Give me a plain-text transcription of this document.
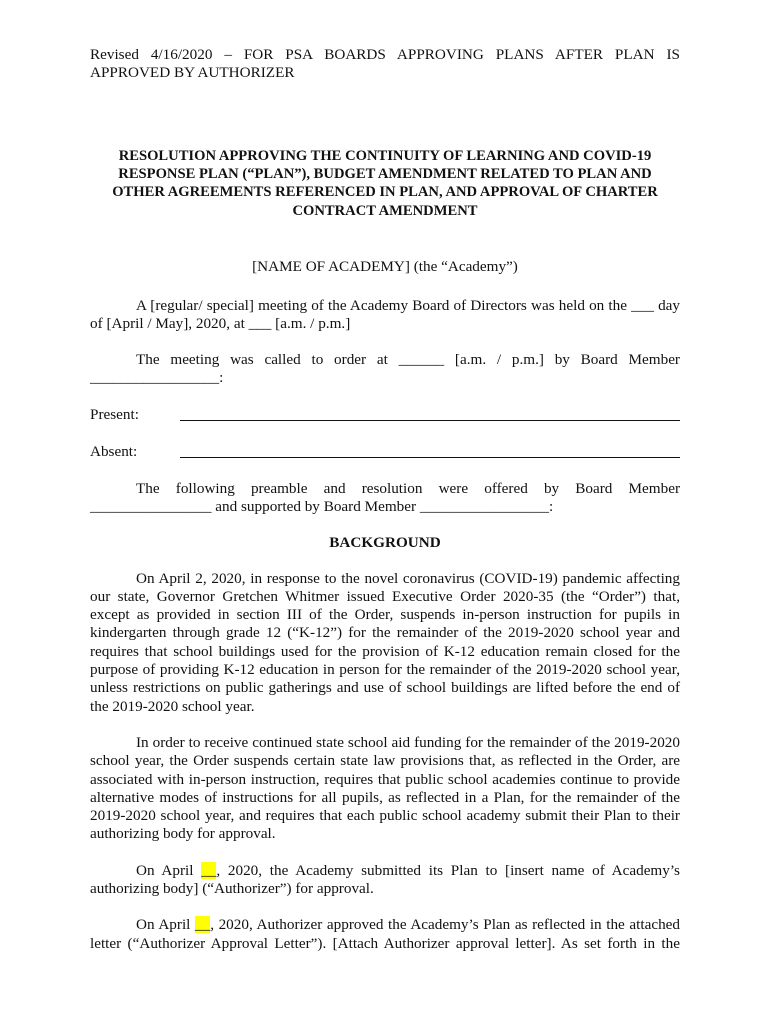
Revised 4/16/2020 – FOR PSA BOARDS APPROVING PLANS AFTER PLAN IS
APPROVED BY AUTHORIZER
RESOLUTION APPROVING THE CONTINUITY OF LEARNING AND COVID-19
RESPONSE PLAN (“PLAN”), BUDGET AMENDMENT RELATED TO PLAN AND
OTHER AGREEMENTS REFERENCED IN PLAN, AND APPROVAL OF CHARTER
CONTRACT AMENDMENT

[NAME OF ACADEMY] (the “Academy”)

A [regular/ special] meeting of the Academy Board of Directors was held on the ___ day
of [April / May], 2020, at ___ [a.m. / p.m.]
The meeting was called to order at ______ [a.m. / p.m.] by Board Member
_________________:
Present:
Absent:
The following preamble and resolution were offered by Board Member
________________ and supported by Board Member _________________:
BACKGROUND

On April 2, 2020, in response to the novel coronavirus (COVID-19) pandemic affecting our state, Governor Gretchen Whitmer issued Executive Order 2020-35 (the “Order”) that, except as provided in section III of the Order, suspends in-person instruction for pupils in kindergarten through grade 12 (“K-12”) for the remainder of the 2019-2020 school year and requires that school buildings used for the provision of K-12 education remain closed for the purpose of providing K-12 education in person for the remainder of the 2019-2020 school year, unless restrictions on public gatherings and use of school buildings are lifted before the end of the 2019-2020 school year.

In order to receive continued state school aid funding for the remainder of the 2019-2020 school year, the Order suspends certain state law provisions that, as reflected in the Order, are associated with in-person instruction, requires that public school academies continue to provide alternative modes of instructions for all pupils, as reflected in a Plan, for the remainder of the 2019-2020 school year, and requires that each public school academy submit their Plan to their authorizing body for approval.

On April __, 2020, the Academy submitted its Plan to [insert name of Academy’s authorizing body] (“Authorizer”) for approval.

On April __, 2020, Authorizer approved the Academy’s Plan as reflected in the attached letter (“Authorizer Approval Letter”). [Attach Authorizer approval letter]. As set forth in the
